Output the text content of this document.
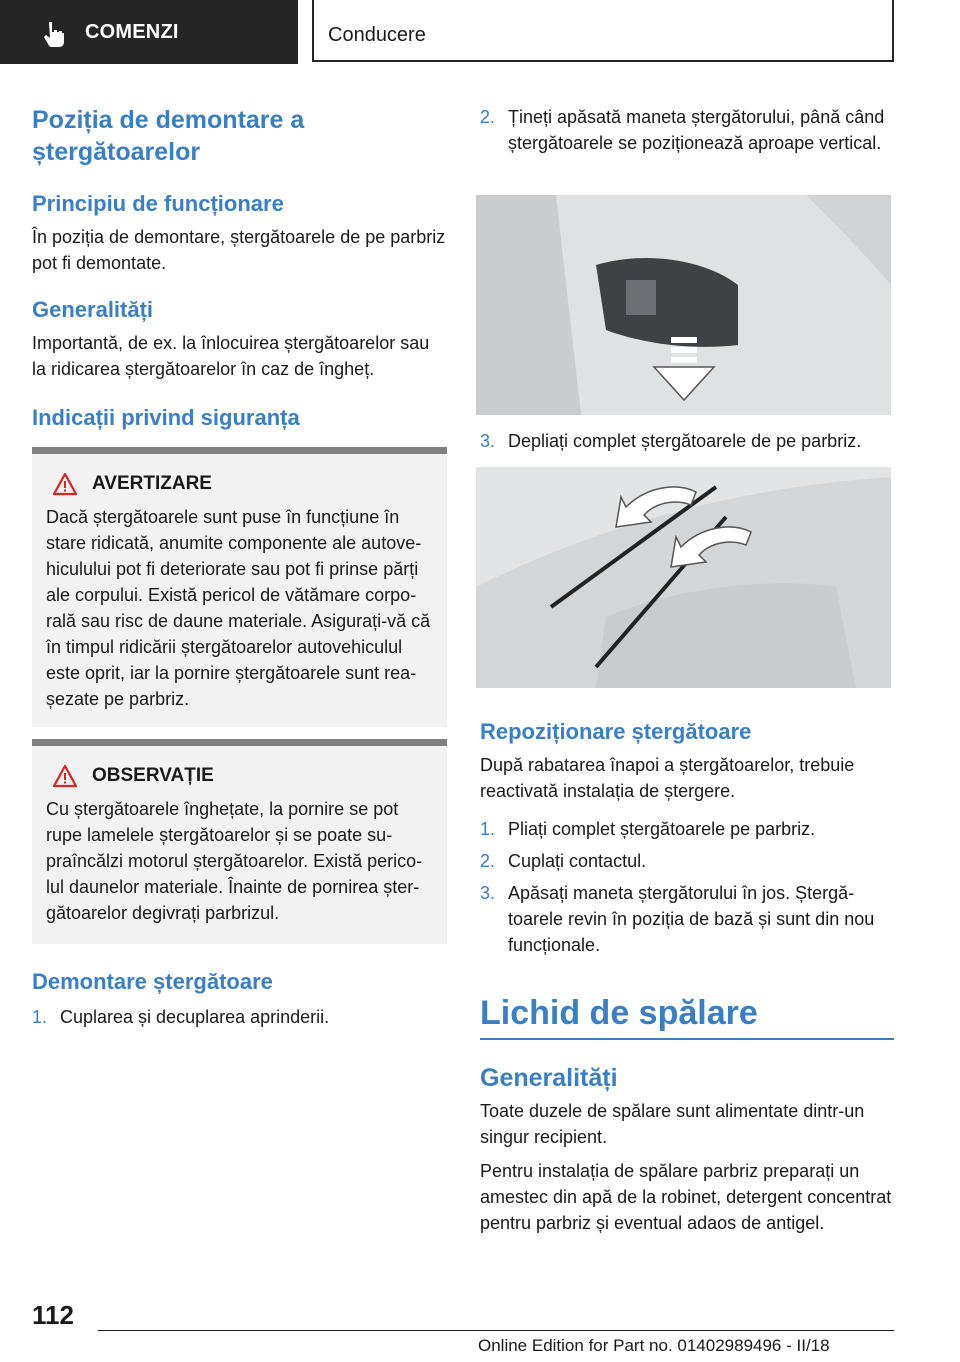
COMENZI	Conducere
Poziția de demontare a ștergătoarelor
Principiu de funcționare

În poziția de demontare, ștergătoarele de pe parbriz pot fi demontate.

Generalități

Importantă, de ex. la înlocuirea ștergătoarelor sau la ridicarea ștergătoarelor în caz de îngheț.

Indicații privind siguranța
AVERTIZARE

Dacă ștergătoarele sunt puse în funcțiune în stare ridicată, anumite componente ale autovehiculului pot fi deteriorate sau pot fi prinse părți ale corpului. Există pericol de vătămare corporală sau risc de daune materiale. Asigurați-vă că în timpul ridicării ștergătoarelor autovehiculul este oprit, iar la pornire ștergătoarele sunt reașezate pe parbriz.

OBSERVAȚIE

Cu ștergătoarele înghețate, la pornire se pot rupe lamelele ștergătoarelor și se poate supraîncălzi motorul ștergătoarelor. Există pericolul daunelor materiale. Înainte de pornirea ștergătoarelor degivrați parbrizul.

Demontare ștergătoare
1. Cuplarea și decuplarea aprinderii.
2. Țineți apăsată maneta ștergătorului, până când ștergătoarele se poziționează aproape vertical.
3. Depliați complet ștergătoarele de pe parbriz.
Repoziționare ștergătoare

După rabatarea înapoi a ștergătoarelor, trebuie reactivată instalația de ștergere.

1. Pliați complet ștergătoarele pe parbriz.
2. Cuplați contactul.
3. Apăsați maneta ștergătorului în jos. Ștergătoarele revin în poziția de bază și sunt din nou funcționale.
Lichid de spălare
Generalități

Toate duzele de spălare sunt alimentate dintr-un singur recipient.

Pentru instalația de spălare parbriz preparați un amestec din apă de la robinet, detergent concentrat pentru parbriz și eventual adaos de antigel.

112
Online Edition for Part no. 01402989496 - II/18
